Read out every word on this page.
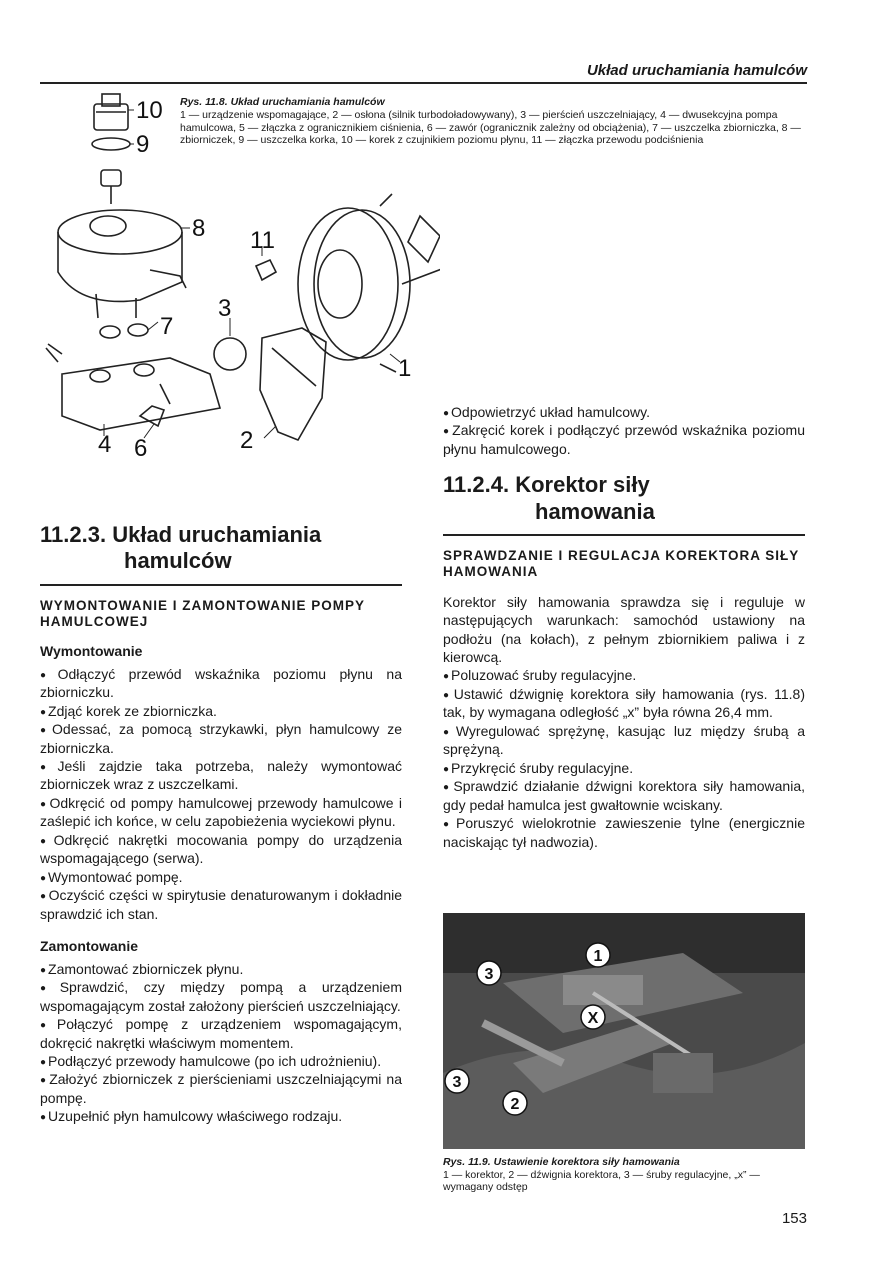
Układ uruchamiania hamulców
10
9
8 11
3
7
1
4 6	2
Rys. 11.8. Układ uruchamiania hamulców
1 — urządzenie wspomagające, 2 — osłona (silnik turbodoładowywany), 3 — pierścień uszczelniający, 4 — dwusekcyjna pompa hamulcowa, 5 — złączka z ogranicznikiem ciśnienia, 6 — zawór (ogranicznik zależny od obciążenia), 7 — uszczelka zbiorniczka, 8 — zbiorniczek, 9 — uszczelka korka, 10 — korek z czujnikiem poziomu płynu, 11 — złączka przewodu podciśnienia
11.2.3. Układ uruchamiania
hamulców
WYMONTOWANIE I ZAMONTOWANIE POMPY HAMULCOWEJ
Wymontowanie
● Odłączyć przewód wskaźnika poziomu płynu na zbiorniczku.
● Zdjąć korek ze zbiorniczka.
● Odessać, za pomocą strzykawki, płyn hamulcowy ze zbiorniczka.
● Jeśli zajdzie taka potrzeba, należy wymontować zbiorniczek wraz z uszczelkami.
● Odkręcić od pompy hamulcowej przewody hamulcowe i zaślepić ich końce, w celu zapobieżenia wyciekowi płynu.
● Odkręcić nakrętki mocowania pompy do urządzenia wspomagającego (serwa).
● Wymontować pompę.
● Oczyścić części w spirytusie denaturowanym i dokładnie sprawdzić ich stan.
Zamontowanie
● Zamontować zbiorniczek płynu.
● Sprawdzić, czy między pompą a urządzeniem wspomagającym został założony pierścień uszczelniający.
● Połączyć pompę z urządzeniem wspomagającym, dokręcić nakrętki właściwym momentem.
● Podłączyć przewody hamulcowe (po ich udrożnieniu).
● Założyć zbiorniczek z pierścieniami uszczelniającymi na pompę.
● Uzupełnić płyn hamulcowy właściwego rodzaju.
● Odpowietrzyć układ hamulcowy.
● Zakręcić korek i podłączyć przewód wskaźnika poziomu płynu hamulcowego.
11.2.4. Korektor siły
hamowania
SPRAWDZANIE I REGULACJA KOREKTORA SIŁY HAMOWANIA
Korektor siły hamowania sprawdza się i reguluje w następujących warunkach: samochód ustawiony na podłożu (na kołach), z pełnym zbiornikiem paliwa i z kierowcą.
● Poluzować śruby regulacyjne.
● Ustawić dźwignię korektora siły hamowania (rys. 11.8) tak, by wymagana odległość „x” była równa 26,4 mm.
● Wyregulować sprężynę, kasując luz między śrubą a sprężyną.
● Przykręcić śruby regulacyjne.
● Sprawdzić działanie dźwigni korektora siły hamowania, gdy pedał hamulca jest gwałtownie wciskany.
● Poruszyć wielokrotnie zawieszenie tylne (energicznie naciskając tył nadwozia).
1
3
X
3
2
Rys. 11.9. Ustawienie korektora siły hamowania
1 — korektor, 2 — dźwignia korektora, 3 — śruby regulacyjne, „x” — wymagany odstęp
153
